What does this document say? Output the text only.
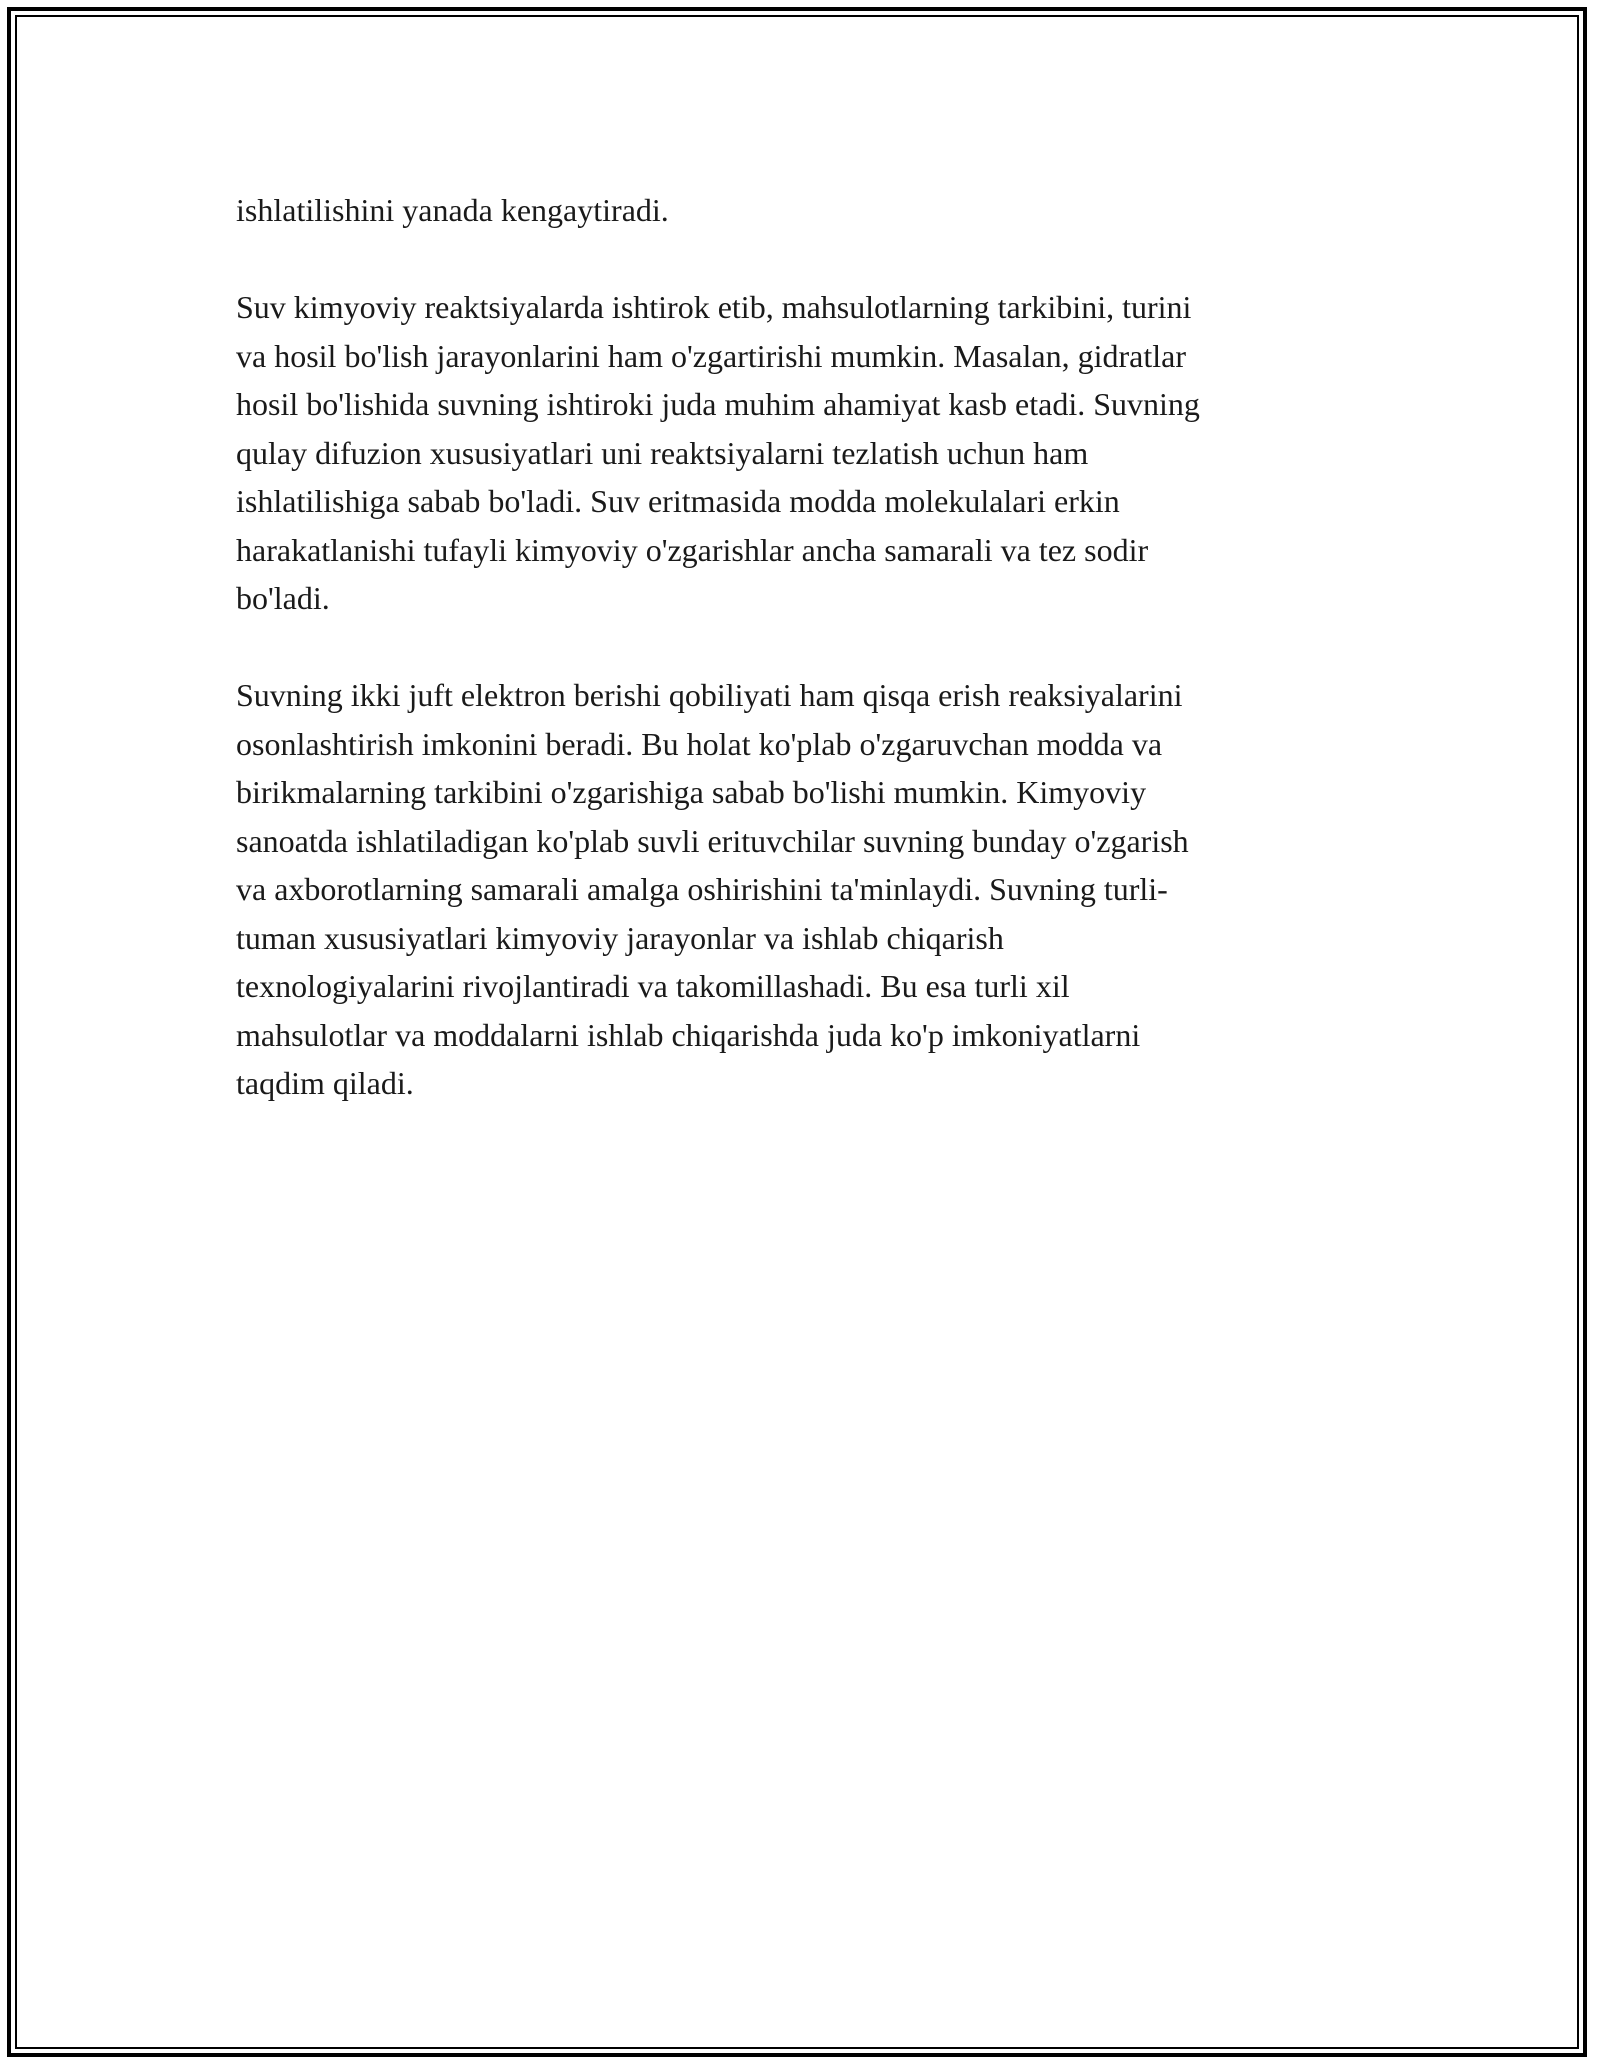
ishlatilishini yanada kengaytiradi.

Suv kimyoviy reaktsiyalarda ishtirok etib, mahsulotlarning tarkibini, turini
va hosil bo'lish jarayonlarini ham o'zgartirishi mumkin. Masalan, gidratlar
hosil bo'lishida suvning ishtiroki juda muhim ahamiyat kasb etadi. Suvning
qulay difuzion xususiyatlari uni reaktsiyalarni tezlatish uchun ham
ishlatilishiga sabab bo'ladi. Suv eritmasida modda molekulalari erkin
harakatlanishi tufayli kimyoviy o'zgarishlar ancha samarali va tez sodir
bo'ladi.

Suvning ikki juft elektron berishi qobiliyati ham qisqa erish reaksiyalarini
osonlashtirish imkonini beradi. Bu holat ko'plab o'zgaruvchan modda va
birikmalarning tarkibini o'zgarishiga sabab bo'lishi mumkin. Kimyoviy
sanoatda ishlatiladigan ko'plab suvli erituvchilar suvning bunday o'zgarish
va axborotlarning samarali amalga oshirishini ta'minlaydi. Suvning turli-
tuman xususiyatlari kimyoviy jarayonlar va ishlab chiqarish
texnologiyalarini rivojlantiradi va takomillashadi. Bu esa turli xil
mahsulotlar va moddalarni ishlab chiqarishda juda ko'p imkoniyatlarni
taqdim qiladi.
